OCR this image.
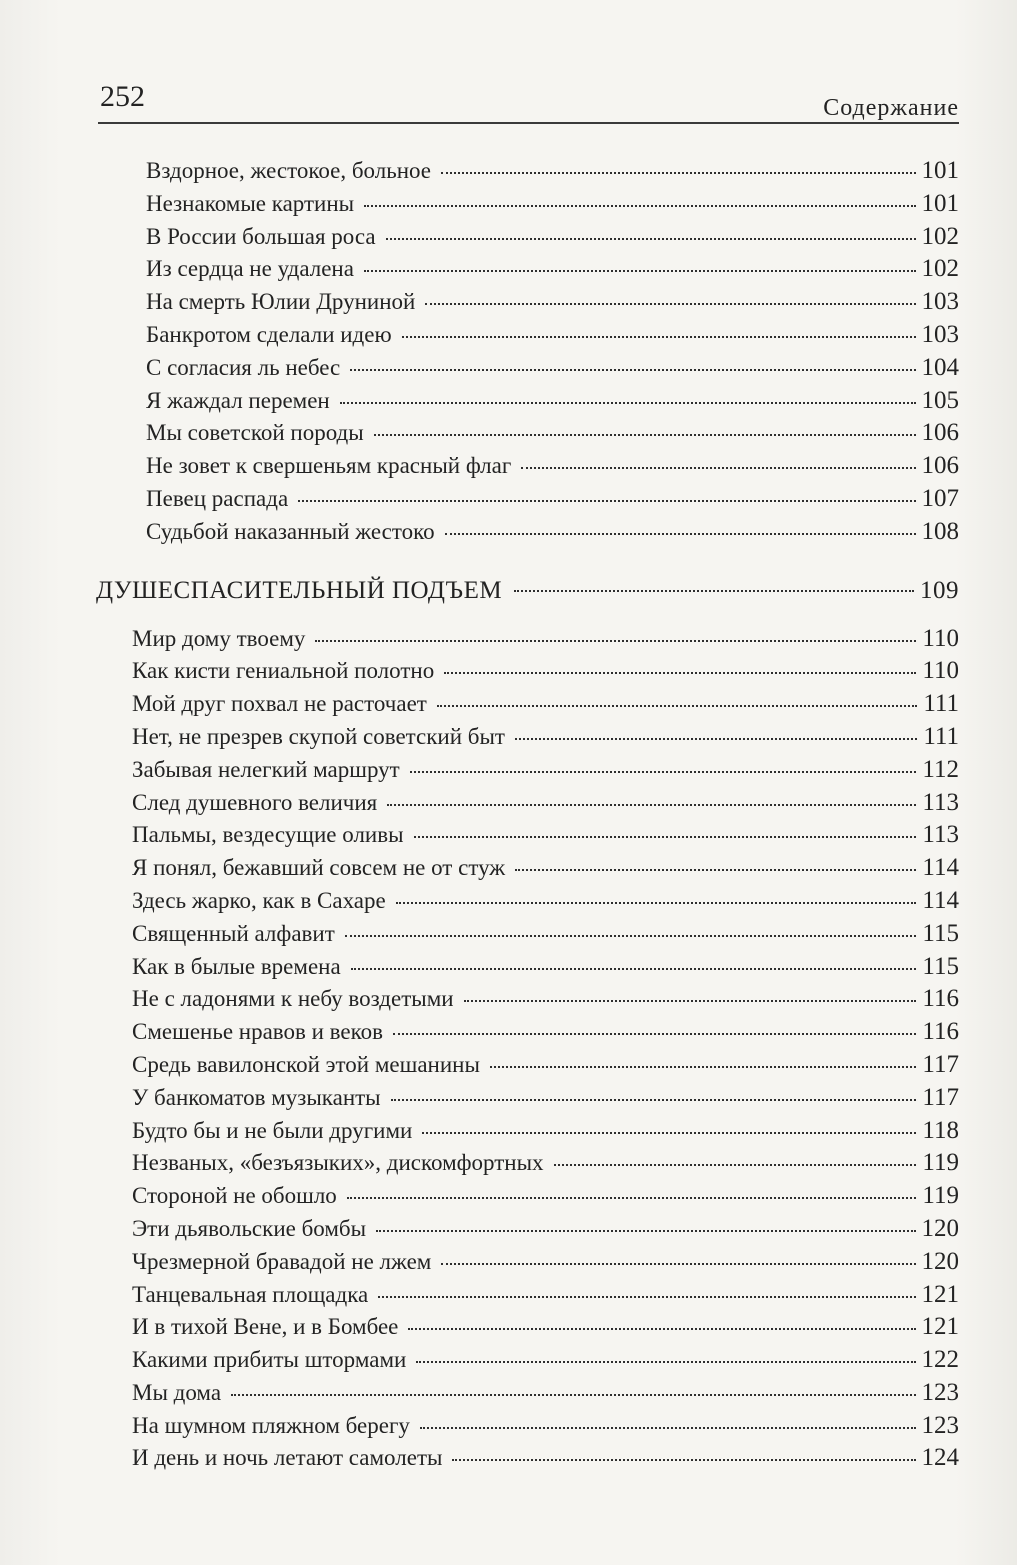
252	Содержание
Вздорное, жестокое, больное	101
Незнакомые картины	101
В России большая роса	102
Из сердца не удалена	102
На смерть Юлии Друниной	103
Банкротом сделали идею	103
С согласия ль небес	104
Я жаждал перемен	105
Мы советской породы	106
Не зовет к свершеньям красный флаг	106
Певец распада	107
Судьбой наказанный жестоко	108
ДУШЕСПАСИТЕЛЬНЫЙ ПОДЪЕМ	109
Мир дому твоему	110
Как кисти гениальной полотно	110
Мой друг похвал не расточает	111
Нет, не презрев скупой советский быт	111
Забывая нелегкий маршрут	112
След душевного величия	113
Пальмы, вездесущие оливы	113
Я понял, бежавший совсем не от стуж	114
Здесь жарко, как в Сахаре	114
Священный алфавит	115
Как в былые времена	115
Не с ладонями к небу воздетыми	116
Смешенье нравов и веков	116
Средь вавилонской этой мешанины	117
У банкоматов музыканты	117
Будто бы и не были другими	118
Незваных, «безъязыких», дискомфортных	119
Стороной не обошло	119
Эти дьявольские бомбы	120
Чрезмерной бравадой не лжем	120
Танцевальная площадка	121
И в тихой Вене, и в Бомбее	121
Какими прибиты штормами	122
Мы дома	123
На шумном пляжном берегу	123
И день и ночь летают самолеты	124
